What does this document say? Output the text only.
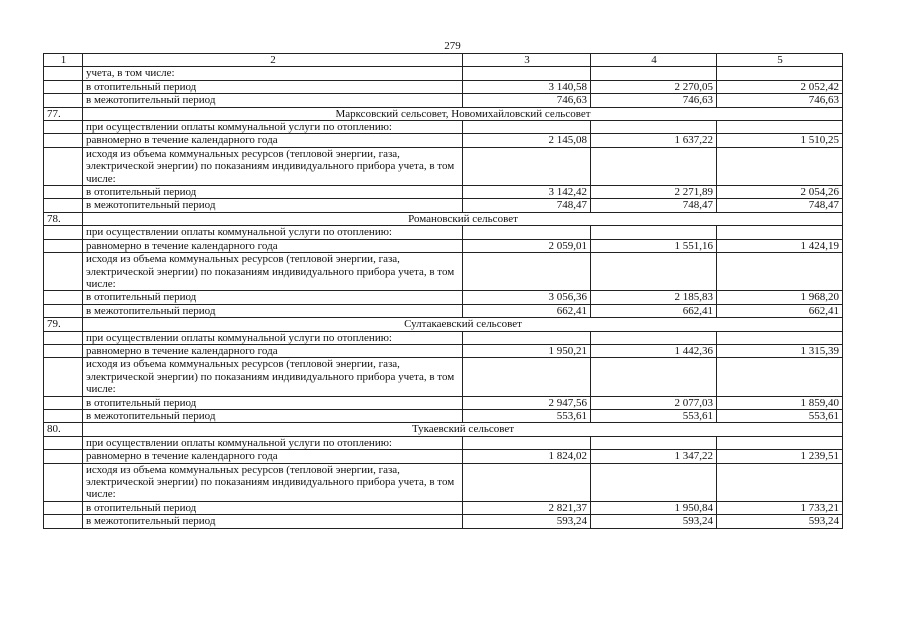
279
1	2	3	4	5
	учета, в том числе:			
	в отопительный период	3 140,58	2 270,05	2 052,42
	в межотопительный период	746,63	746,63	746,63
77.	Марксовский сельсовет, Новомихайловский сельсовет			
	при осуществлении оплаты коммунальной услуги по отоплению:			
	равномерно в течение календарного года	2 145,08	1 637,22	1 510,25
	исходя из объема коммунальных ресурсов (тепловой энергии, газа, электрической энергии) по показаниям индивидуального прибора учета, в том числе:			
	в отопительный период	3 142,42	2 271,89	2 054,26
	в межотопительный период	748,47	748,47	748,47
78.	Романовский сельсовет			
	при осуществлении оплаты коммунальной услуги по отоплению:			
	равномерно в течение календарного года	2 059,01	1 551,16	1 424,19
	исходя из объема коммунальных ресурсов (тепловой энергии, газа, электрической энергии) по показаниям индивидуального прибора учета, в том числе:			
	в отопительный период	3 056,36	2 185,83	1 968,20
	в межотопительный период	662,41	662,41	662,41
79.	Султакаевский сельсовет			
	при осуществлении оплаты коммунальной услуги по отоплению:			
	равномерно в течение календарного года	1 950,21	1 442,36	1 315,39
	исходя из объема коммунальных ресурсов (тепловой энергии, газа, электрической энергии) по показаниям индивидуального прибора учета, в том числе:			
	в отопительный период	2 947,56	2 077,03	1 859,40
	в межотопительный период	553,61	553,61	553,61
80.	Тукаевский сельсовет			
	при осуществлении оплаты коммунальной услуги по отоплению:			
	равномерно в течение календарного года	1 824,02	1 347,22	1 239,51
	исходя из объема коммунальных ресурсов (тепловой энергии, газа, электрической энергии) по показаниям индивидуального прибора учета, в том числе:			
	в отопительный период	2 821,37	1 950,84	1 733,21
	в межотопительный период	593,24	593,24	593,24
